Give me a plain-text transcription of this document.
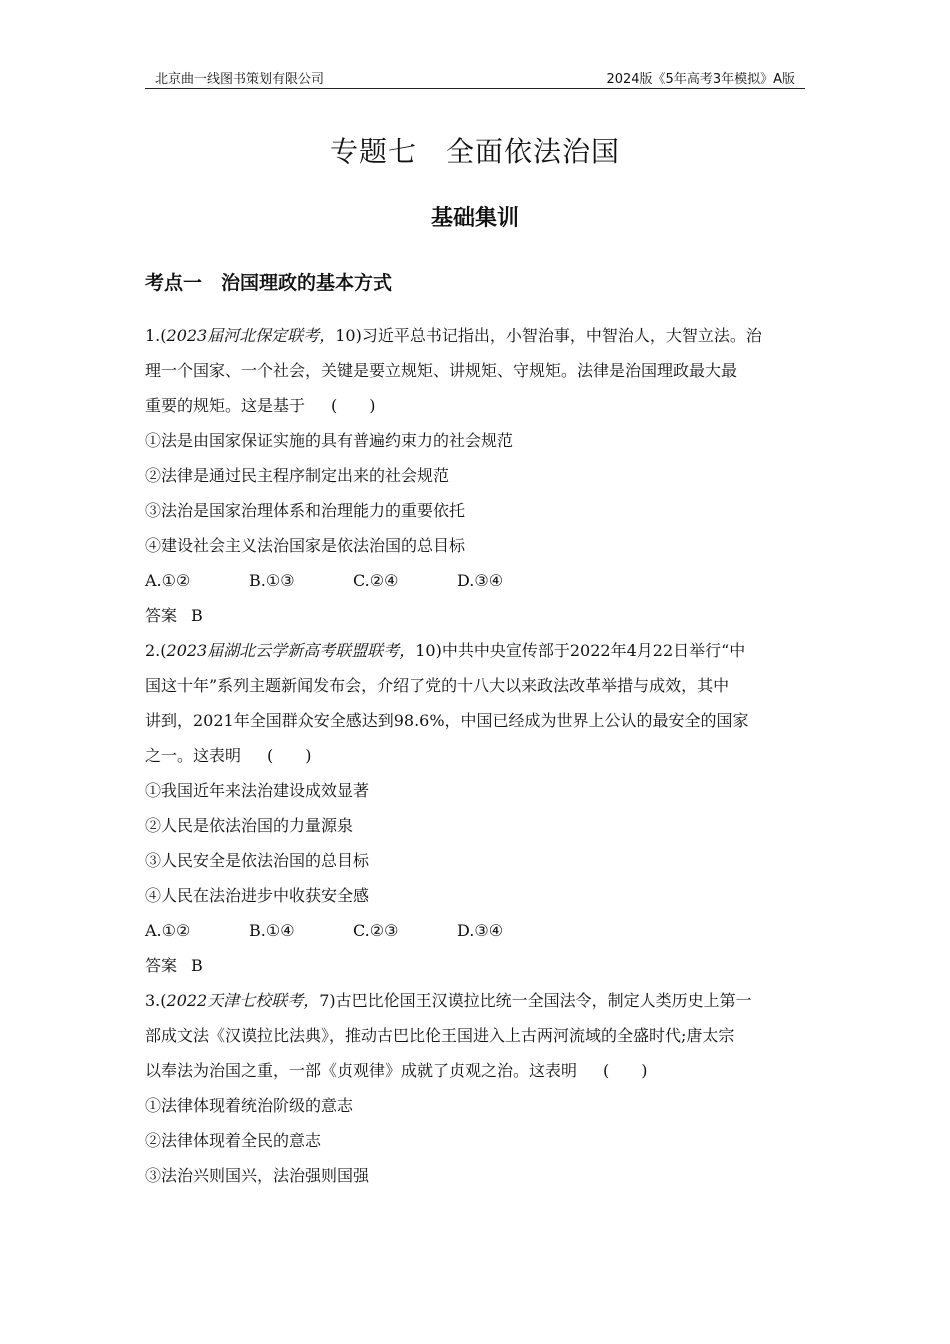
北京曲一线图书策划有限公司	2024版《5年高考3年模拟》A版
专题七　全面依法治国
基础集训
考点一　治国理政的基本方式
1.(2023届河北保定联考，10)习近平总书记指出，小智治事，中智治人，大智立法。治
理一个国家、一个社会，关键是要立规矩、讲规矩、守规矩。法律是治国理政最大最
重要的规矩。这是基于 (　　)
①法是由国家保证实施的具有普遍约束力的社会规范
②法律是通过民主程序制定出来的社会规范
③法治是国家治理体系和治理能力的重要依托
④建设社会主义法治国家是依法治国的总目标
A.①②	B.①③	C.②④	D.③④
答案 B
2.(2023届湖北云学新高考联盟联考，10)中共中央宣传部于2022年4月22日举行“中
国这十年”系列主题新闻发布会，介绍了党的十八大以来政法改革举措与成效，其中
讲到，2021年全国群众安全感达到98.6%，中国已经成为世界上公认的最安全的国家
之一。这表明 (　　)
①我国近年来法治建设成效显著
②人民是依法治国的力量源泉
③人民安全是依法治国的总目标
④人民在法治进步中收获安全感
A.①②	B.①④	C.②③	D.③④
答案 B
3.(2022天津七校联考，7)古巴比伦国王汉谟拉比统一全国法令，制定人类历史上第一
部成文法《汉谟拉比法典》，推动古巴比伦王国进入上古两河流域的全盛时代;唐太宗
以奉法为治国之重，一部《贞观律》成就了贞观之治。这表明 (　　)
①法律体现着统治阶级的意志
②法律体现着全民的意志
③法治兴则国兴，法治强则国强
